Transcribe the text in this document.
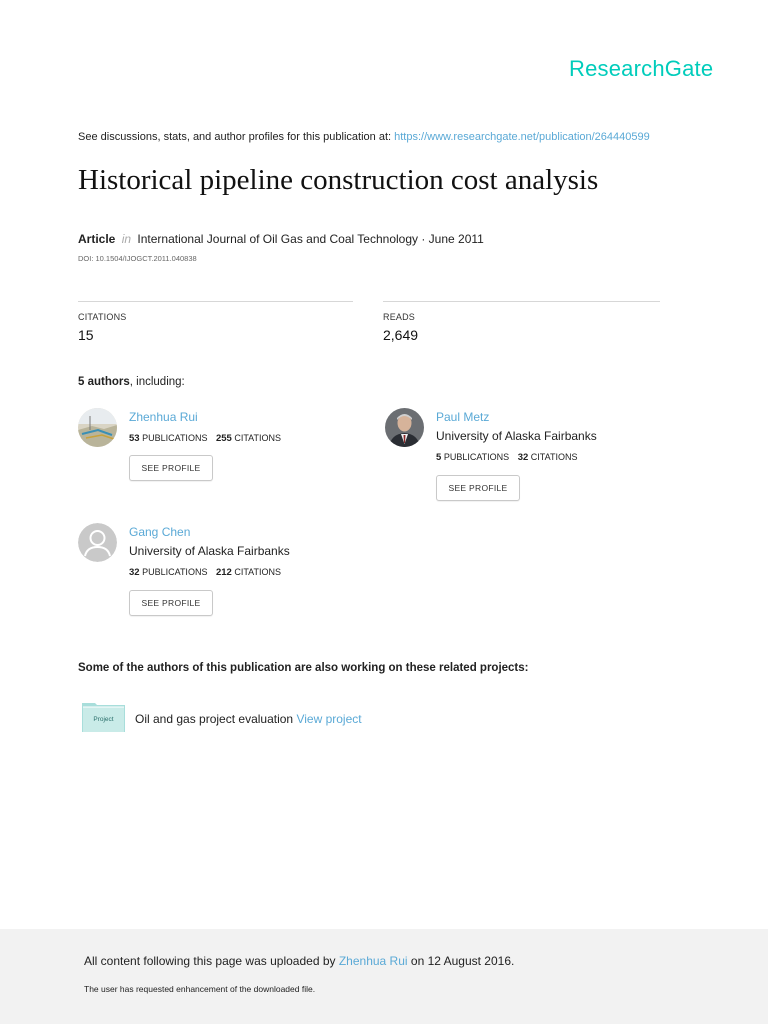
ResearchGate
See discussions, stats, and author profiles for this publication at: https://www.researchgate.net/publication/264440599
Historical pipeline construction cost analysis
Article in International Journal of Oil Gas and Coal Technology · June 2011
DOI: 10.1504/IJOGCT.2011.040838
CITATIONS
15
READS
2,649
5 authors, including:
Zhenhua Rui
53 PUBLICATIONS 255 CITATIONS
SEE PROFILE
Paul Metz
University of Alaska Fairbanks
5 PUBLICATIONS 32 CITATIONS
SEE PROFILE
Gang Chen
University of Alaska Fairbanks
32 PUBLICATIONS 212 CITATIONS
SEE PROFILE
Some of the authors of this publication are also working on these related projects:
Project	Oil and gas project evaluation View project
All content following this page was uploaded by Zhenhua Rui on 12 August 2016.
The user has requested enhancement of the downloaded file.
